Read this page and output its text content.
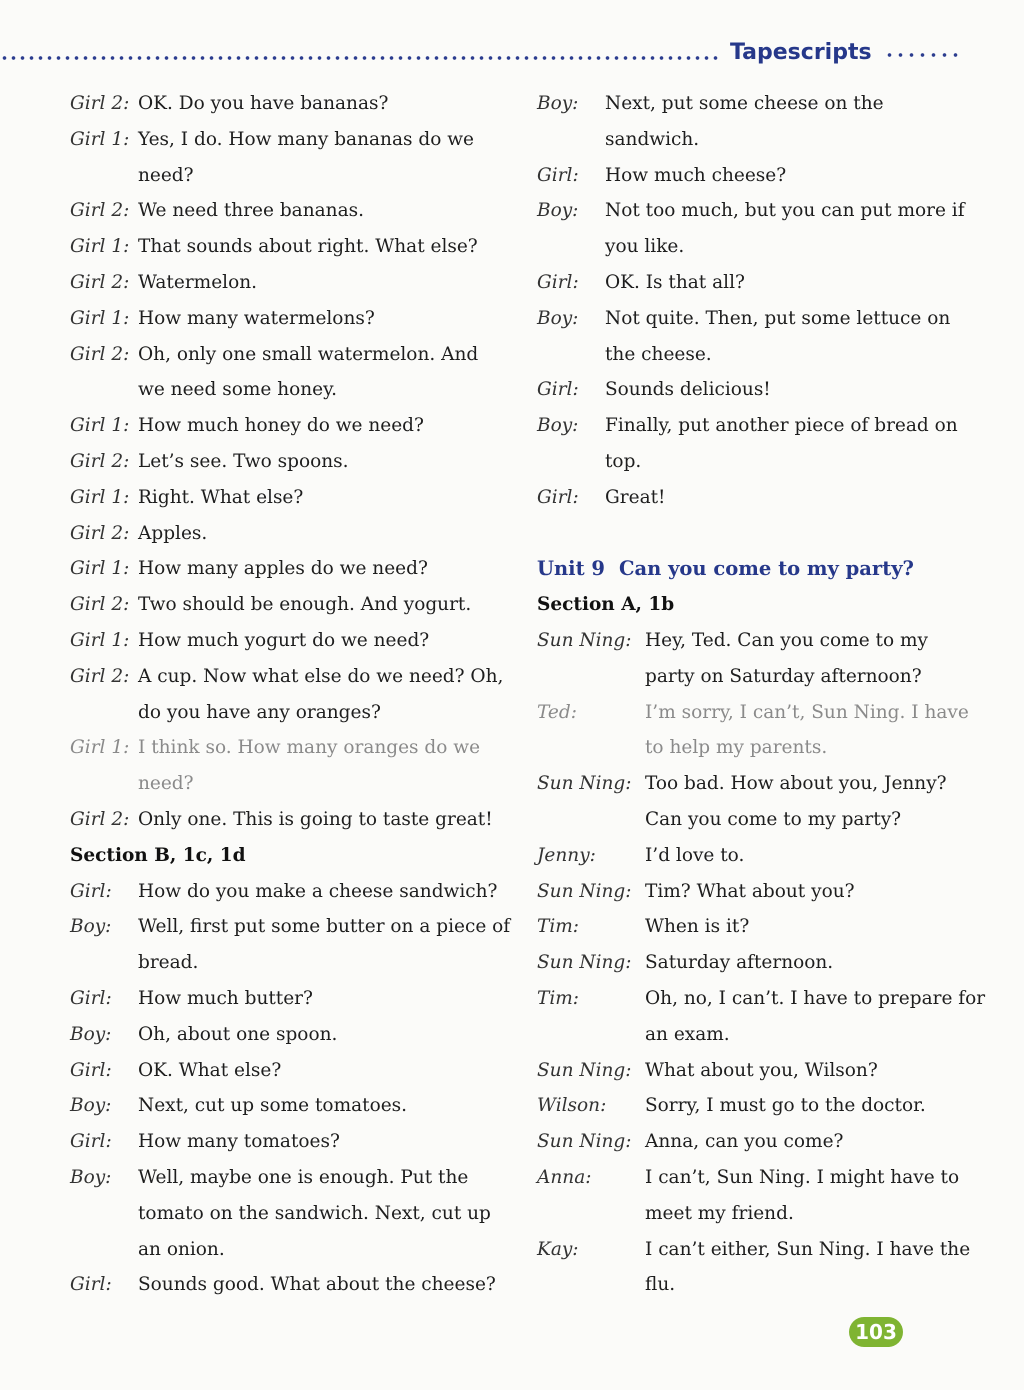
Tapescripts
Girl 2: OK. Do you have bananas?
Girl 1: Yes, I do. How many bananas do we
need?
Girl 2: We need three bananas.
Girl 1: That sounds about right. What else?
Girl 2: Watermelon.
Girl 1: How many watermelons?
Girl 2: Oh, only one small watermelon. And
we need some honey.
Girl 1: How much honey do we need?
Girl 2: Let’s see. Two spoons.
Girl 1: Right. What else?
Girl 2: Apples.
Girl 1: How many apples do we need?
Girl 2: Two should be enough. And yogurt.
Girl 1: How much yogurt do we need?
Girl 2: A cup. Now what else do we need? Oh,
do you have any oranges?
Girl 1: I think so. How many oranges do we
need?
Girl 2: Only one. This is going to taste great!
Section B, 1c, 1d
Girl: How do you make a cheese sandwich?
Boy: Well, first put some butter on a piece of
bread.
Girl: How much butter?
Boy: Oh, about one spoon.
Girl: OK. What else?
Boy: Next, cut up some tomatoes.
Girl: How many tomatoes?
Boy: Well, maybe one is enough. Put the
tomato on the sandwich. Next, cut up
an onion.
Girl: Sounds good. What about the cheese?
Boy: Next, put some cheese on the
sandwich.
Girl: How much cheese?
Boy: Not too much, but you can put more if
you like.
Girl: OK. Is that all?
Boy: Not quite. Then, put some lettuce on
the cheese.
Girl: Sounds delicious!
Boy: Finally, put another piece of bread on
top.
Girl: Great!
Unit 9 Can you come to my party?
Section A, 1b
Sun Ning: Hey, Ted. Can you come to my
party on Saturday afternoon?
Ted:	I’m sorry, I can’t, Sun Ning. I have
to help my parents.
Sun Ning: Too bad. How about you, Jenny?
Can you come to my party?
Jenny:	I’d love to.
Sun Ning: Tim? What about you?
Tim:	When is it?
Sun Ning: Saturday afternoon.
Tim:	Oh, no, I can’t. I have to prepare for
an exam.
Sun Ning: What about you, Wilson?
Wilson: Sorry, I must go to the doctor.
Sun Ning: Anna, can you come?
Anna:	I can’t, Sun Ning. I might have to
meet my friend.
Kay:	I can’t either, Sun Ning. I have the
flu.
103
